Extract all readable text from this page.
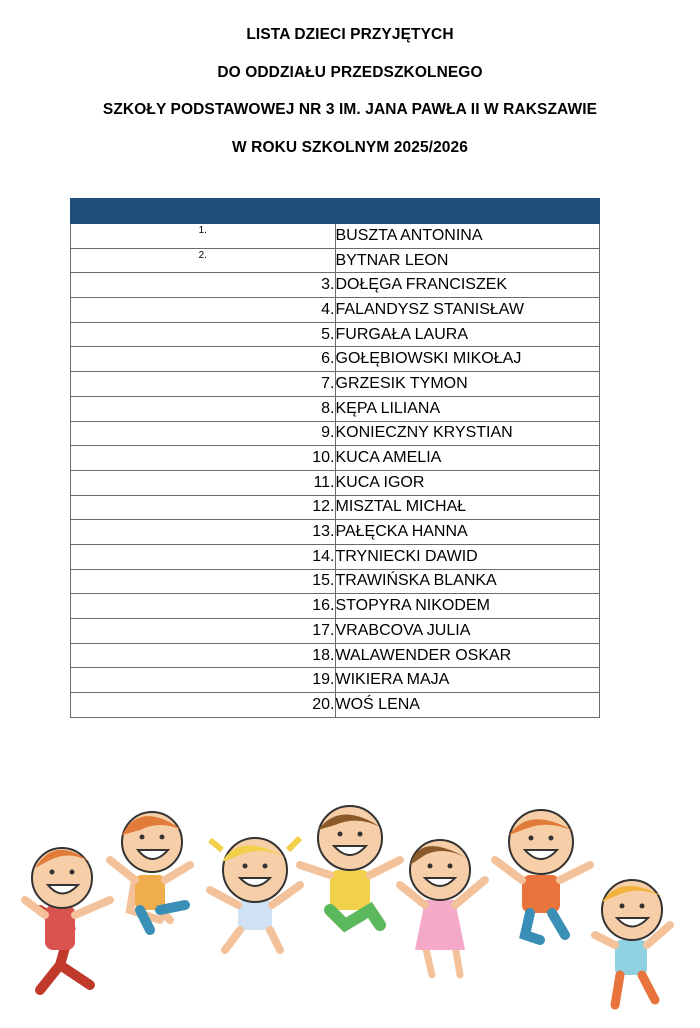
LISTA DZIECI PRZYJĘTYCH

DO ODDZIAŁU PRZEDSZKOLNEGO

SZKOŁY PODSTAWOWEJ NR 3 IM. JANA PAWŁA II W RAKSZAWIE

W ROKU SZKOLNYM 2025/2026

1.	BUSZTA ANTONINA
2.	BYTNAR LEON
3.	DOŁĘGA FRANCISZEK
4.	FALANDYSZ STANISŁAW
5.	FURGAŁA LAURA
6.	GOŁĘBIOWSKI MIKOŁAJ
7.	GRZESIK TYMON
8.	KĘPA LILIANA
9.	KONIECZNY KRYSTIAN
10.	KUCA AMELIA
11.	KUCA IGOR
12.	MISZTAL MICHAŁ
13.	PAŁĘCKA HANNA
14.	TRYNIECKI DAWID
15.	TRAWIŃSKA BLANKA
16.	STOPYRA NIKODEM
17.	VRABCOVA JULIA
18.	WALAWENDER OSKAR
19.	WIKIERA MAJA
20.	WOŚ LENA
